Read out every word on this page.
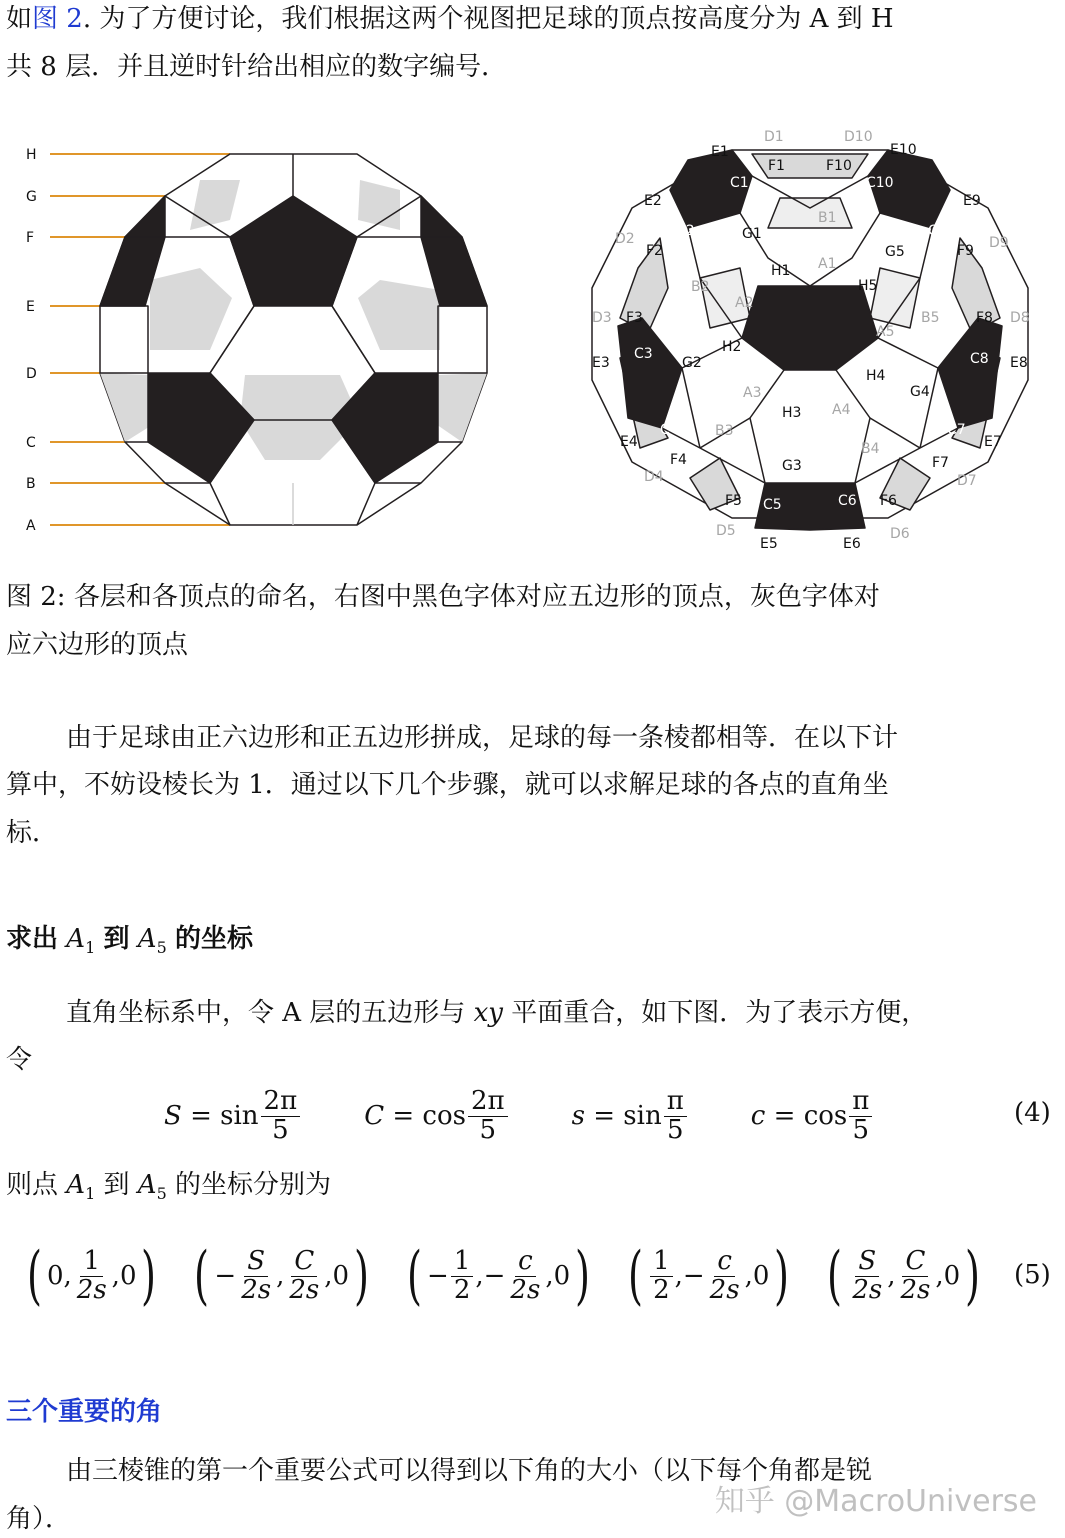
如图 2. 为了方便讨论，我们根据这两个视图把足球的顶点按高度分为 A 到 H
共 8 层．并且逆时针给出相应的数字编号．
H
G
F
E
D
C
B
A
E1	E10
F1	F10
E2	E9
G1
G5
F2	F9
H1
H5
F3	F8
H2
E3	E8
G2
H4
G4
H3
E4	E7
F4	F7
G3
F5	F6
E5	E6
C1	C10
C2	C9
C3	C8
C4	C7
C5	C6
D1	D10
B1
D2	D9
A1
B2
A2
A5
B5
D3	D8
A3
A4
B3
B4
D4	D7
D5	D6
图 2: 各层和各顶点的命名，右图中黑色字体对应五边形的顶点，灰色字体对
应六边形的顶点
由于足球由正六边形和正五边形拼成，足球的每一条棱都相等．在以下计
算中，不妨设棱长为 1．通过以下几个步骤，就可以求解足球的各点的直角坐
标．
求出 $A_1$ 到 $A_5$ 的坐标
直角坐标系中，令 A 层的五边形与 xy 平面重合，如下图．为了表示方便，
令
S
=
$\sin \frac{2\pi}{5}$ C
=
$\cos \frac{2\pi}{5}$ s
=
$\sin \frac{\pi}{5}$ c
=
$\cos \frac{\pi}{5}$	(4)
则点 $A_1$ 到 $A_5$ 的坐标分别为
( 0 , $\frac{1}{2s}$ , 0 ) ( − $\frac{S}{2s}$ , $\frac{C}{2s}$ , 0 ) ( − $\frac{1}{2}$ , − $\frac{c}{2s}$ , 0 ) ( $\frac{1}{2}$ , − $\frac{c}{2s}$ , 0 ) ( $\frac{S}{2s}$ , $\frac{C}{2s}$ , 0 ) (5)
三个重要的角
由三棱锥的第一个重要公式可以得到以下角的大小（以下每个角都是锐
角）．	知乎 @MacroUniverse
